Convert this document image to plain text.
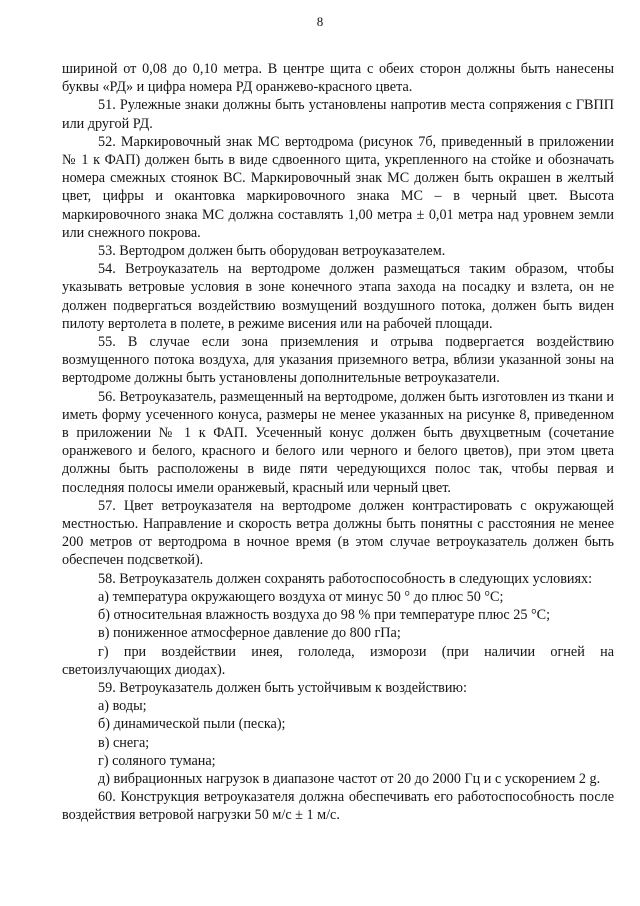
8

шириной от 0,08 до 0,10 метра. В центре щита с обеих сторон должны быть нанесены буквы «РД» и цифра номера РД оранжево-красного цвета.

51. Рулежные знаки должны быть установлены напротив места сопряжения с ГВПП или другой РД.

52. Маркировочный знак МС вертодрома (рисунок 7б, приведенный в приложении № 1 к ФАП) должен быть в виде сдвоенного щита, укрепленного на стойке и обозначать номера смежных стоянок ВС. Маркировочный знак МС должен быть окрашен в желтый цвет, цифры и окантовка маркировочного знака МС – в черный цвет. Высота маркировочного знака МС должна составлять 1,00 метра ± 0,01 метра над уровнем земли или снежного покрова.

53. Вертодром должен быть оборудован ветроуказателем.

54. Ветроуказатель на вертодроме должен размещаться таким образом, чтобы указывать ветровые условия в зоне конечного этапа захода на посадку и взлета, он не должен подвергаться воздействию возмущений воздушного потока, должен быть виден пилоту вертолета в полете, в режиме висения или на рабочей площади.

55. В случае если зона приземления и отрыва подвергается воздействию возмущенного потока воздуха, для указания приземного ветра, вблизи указанной зоны на вертодроме должны быть установлены дополнительные ветроуказатели.

56. Ветроуказатель, размещенный на вертодроме, должен быть изготовлен из ткани и иметь форму усеченного конуса, размеры не менее указанных на рисунке 8, приведенном в приложении № 1 к ФАП. Усеченный конус должен быть двухцветным (сочетание оранжевого и белого, красного и белого или черного и белого цветов), при этом цвета должны быть расположены в виде пяти чередующихся полос так, чтобы первая и последняя полосы имели оранжевый, красный или черный цвет.

57. Цвет ветроуказателя на вертодроме должен контрастировать с окружающей местностью. Направление и скорость ветра должны быть понятны с расстояния не менее 200 метров от вертодрома в ночное время (в этом случае ветроуказатель должен быть обеспечен подсветкой).

58. Ветроуказатель должен сохранять работоспособность в следующих условиях:

а) температура окружающего воздуха от минус 50 ° до плюс 50 °С;

б) относительная влажность воздуха до 98 % при температуре плюс 25 °С;

в) пониженное атмосферное давление до 800 гПа;

г) при воздействии инея, гололеда, изморози (при наличии огней на светоизлучающих диодах).

59. Ветроуказатель должен быть устойчивым к воздействию:

а) воды;

б) динамической пыли (песка);

в) снега;

г) соляного тумана;

д) вибрационных нагрузок в диапазоне частот от 20 до 2000 Гц и с ускорением 2 g.

60. Конструкция ветроуказателя должна обеспечивать его работоспособность после воздействия ветровой нагрузки 50 м/с ± 1 м/с.
